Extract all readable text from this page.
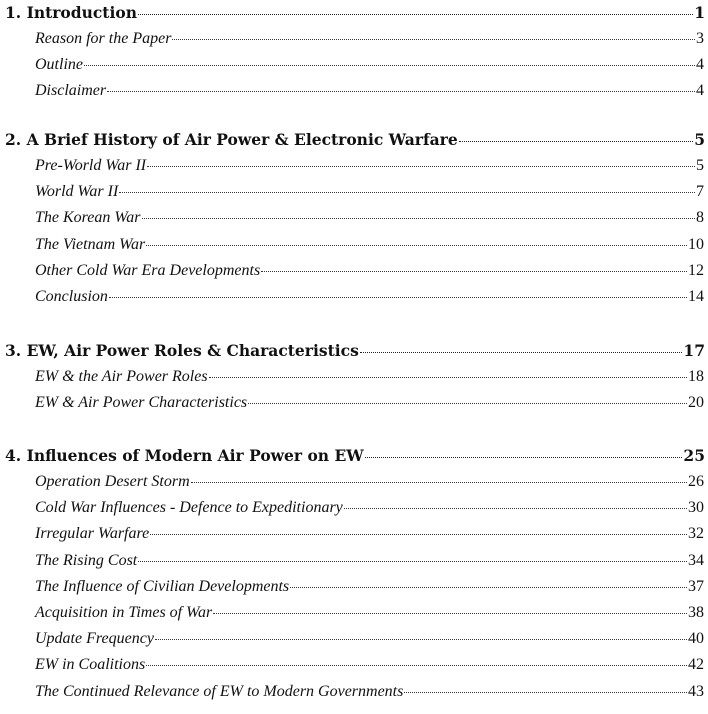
1. Introduction	1
Reason for the Paper	3
Outline	4
Disclaimer	4
2. A Brief History of Air Power & Electronic Warfare	5
Pre-World War II	5
World War II	7
The Korean War	8
The Vietnam War	10
Other Cold War Era Developments	12
Conclusion	14
3. EW, Air Power Roles & Characteristics	17
EW & the Air Power Roles	18
EW & Air Power Characteristics	20
4. Influences of Modern Air Power on EW	25
Operation Desert Storm	26
Cold War Influences - Defence to Expeditionary	30
Irregular Warfare	32
The Rising Cost	34
The Influence of Civilian Developments	37
Acquisition in Times of War	38
Update Frequency	40
EW in Coalitions	42
The Continued Relevance of EW to Modern Governments	43
